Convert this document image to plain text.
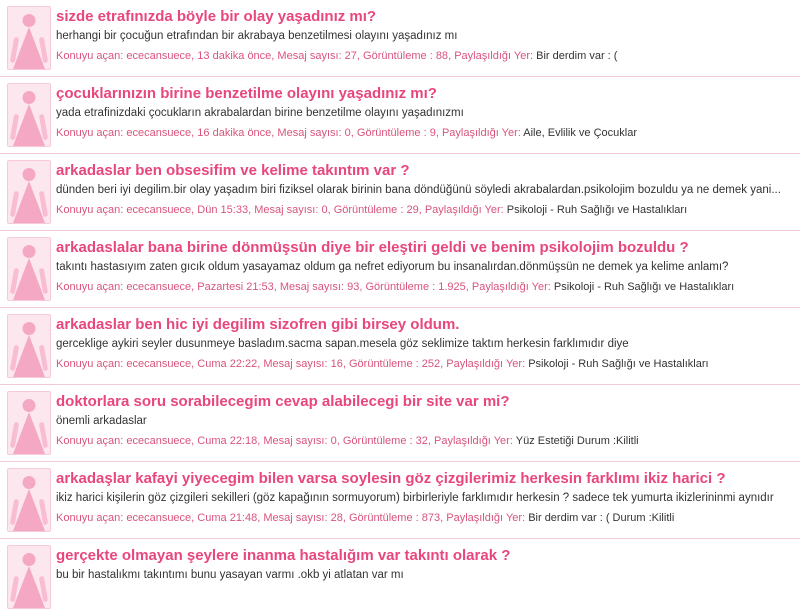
sizde etrafınızda böyle bir olay yaşadınız mı?
herhangi bir çocuğun etrafından bir akrabaya benzetilmesi olayını yaşadınız mı
Konuyu açan: ececansuece, 13 dakika önce, Mesaj sayısı: 27, Görüntüleme : 88, Paylaşıldığı Yer: Bir derdim var : (
çocuklarınızın birine benzetilme olayını yaşadınız mı?
yada etrafinizdaki çocukların akrabalardan birine benzetilme olayını yaşadınızmı
Konuyu açan: ececansuece, 16 dakika önce, Mesaj sayısı: 0, Görüntüleme : 9, Paylaşıldığı Yer: Aile, Evlilik ve Çocuklar
arkadaslar ben obsesifim ve kelime takıntım var ?
dünden beri iyi degilim.bir olay yaşadım biri fiziksel olarak birinin bana döndüğünü söyledi akrabalardan.psikolojim bozuldu ya ne demek yani...
Konuyu açan: ececansuece, Dün 15:33, Mesaj sayısı: 0, Görüntüleme : 29, Paylaşıldığı Yer: Psikoloji - Ruh Sağlığı ve Hastalıkları
arkadaslalar bana birine dönmüşsün diye bir eleştiri geldi ve benim psikolojim bozuldu ?
takıntı hastasıyım zaten gıcık oldum yasayamaz oldum ga nefret ediyorum bu insanalırdan.dönmüşsün ne demek ya kelime anlamı?
Konuyu açan: ececansuece, Pazartesi 21:53, Mesaj sayısı: 93, Görüntüleme : 1.925, Paylaşıldığı Yer: Psikoloji - Ruh Sağlığı ve Hastalıkları
arkadaslar ben hic iyi degilim sizofren gibi birsey oldum.
gerceklige aykiri seyler dusunmeye basladım.sacma sapan.mesela göz seklimize taktım herkesin farklımıdır diye
Konuyu açan: ececansuece, Cuma 22:22, Mesaj sayısı: 16, Görüntüleme : 252, Paylaşıldığı Yer: Psikoloji - Ruh Sağlığı ve Hastalıkları
doktorlara soru sorabilecegim cevap alabilecegi bir site var mi?
önemli arkadaslar
Konuyu açan: ececansuece, Cuma 22:18, Mesaj sayısı: 0, Görüntüleme : 32, Paylaşıldığı Yer: Yüz Estetiği Durum :Kilitli
arkadaşlar kafayi yiyecegim bilen varsa soylesin göz çizgilerimiz herkesin farklımı ikiz harici ?
ikiz harici kişilerin göz çizgileri sekilleri (göz kapağının sormuyorum) birbirleriyle farklımıdır herkesin ? sadece tek yumurta ikizlerininmi aynıdır
Konuyu açan: ececansuece, Cuma 21:48, Mesaj sayısı: 28, Görüntüleme : 873, Paylaşıldığı Yer: Bir derdim var : ( Durum :Kilitli
gerçekte olmayan şeylere inanma hastalığım var takıntı olarak ?
bu bir hastalıkmı takıntımı bunu yasayan varmı .okb yi atlatan var mı
